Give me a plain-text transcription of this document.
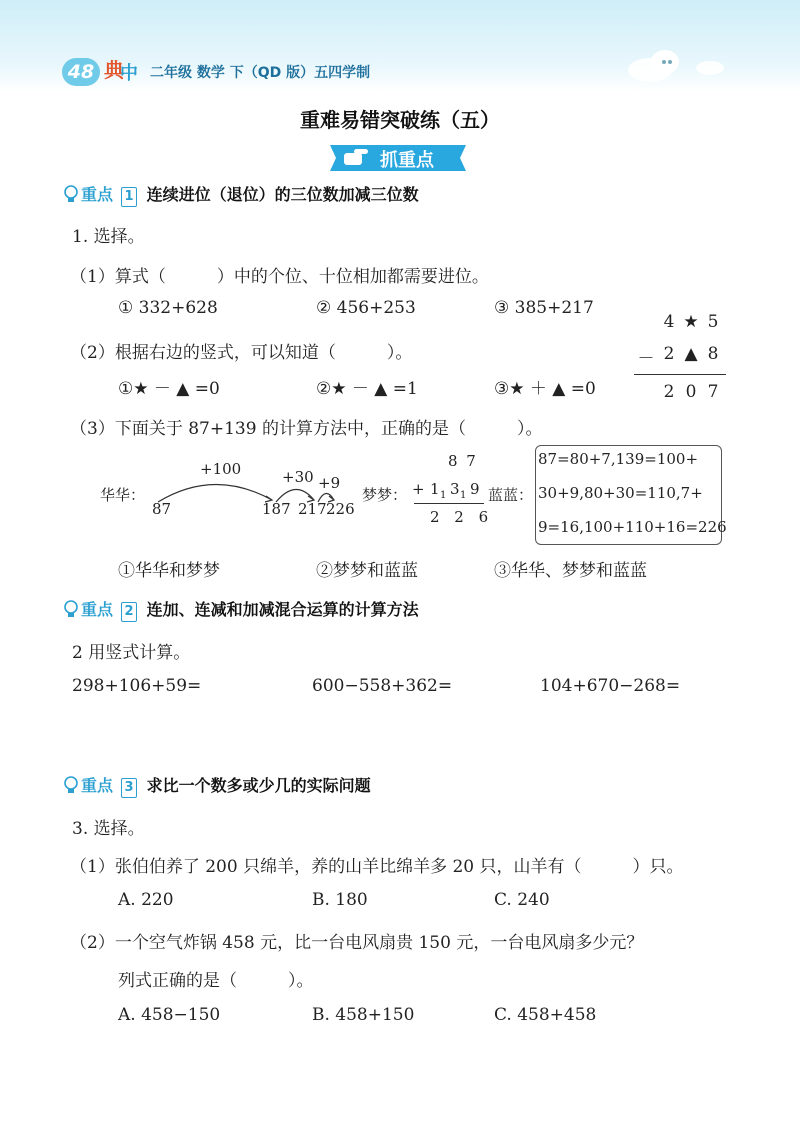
48 典
中 二年级 数学 下（QD 版）五四学制
重难易错突破练（五）
抓重点
重点 1 连续进位（退位）的三位数加减三位数
1. 选择。
（1）算式（　　　）中的个位、十位相加都需要进位。
① 332+628	② 456+253	③ 385+217
4 ★ 5
－ 2 ▲ 8
2 0 7
（2）根据右边的竖式，可以知道（　　　）。
①★ － ▲ =0	②★ － ▲ =1	③★ ＋ ▲ =0
（3）下面关于 87+139 的计算方法中，正确的是（　　　）。
华华：
+100	+30 +9
87	187 217 226
梦梦：
8 7
+ 1 1 3 1 9
2 2 6
蓝蓝：
87=80+7,139=100+
30+9,80+30=110,7+
9=16,100+110+16=226
①华华和梦梦	②梦梦和蓝蓝	③华华、梦梦和蓝蓝
重点 2 连加、连减和加减混合运算的计算方法
2 用竖式计算。
298+106+59=	600−558+362=	104+670−268=
重点 3 求比一个数多或少几的实际问题
3. 选择。
（1）张伯伯养了 200 只绵羊，养的山羊比绵羊多 20 只，山羊有（　　　）只。
A. 220	B. 180	C. 240
（2）一个空气炸锅 458 元，比一台电风扇贵 150 元，一台电风扇多少元？
列式正确的是（　　　）。
A. 458−150	B. 458+150	C. 458+458
